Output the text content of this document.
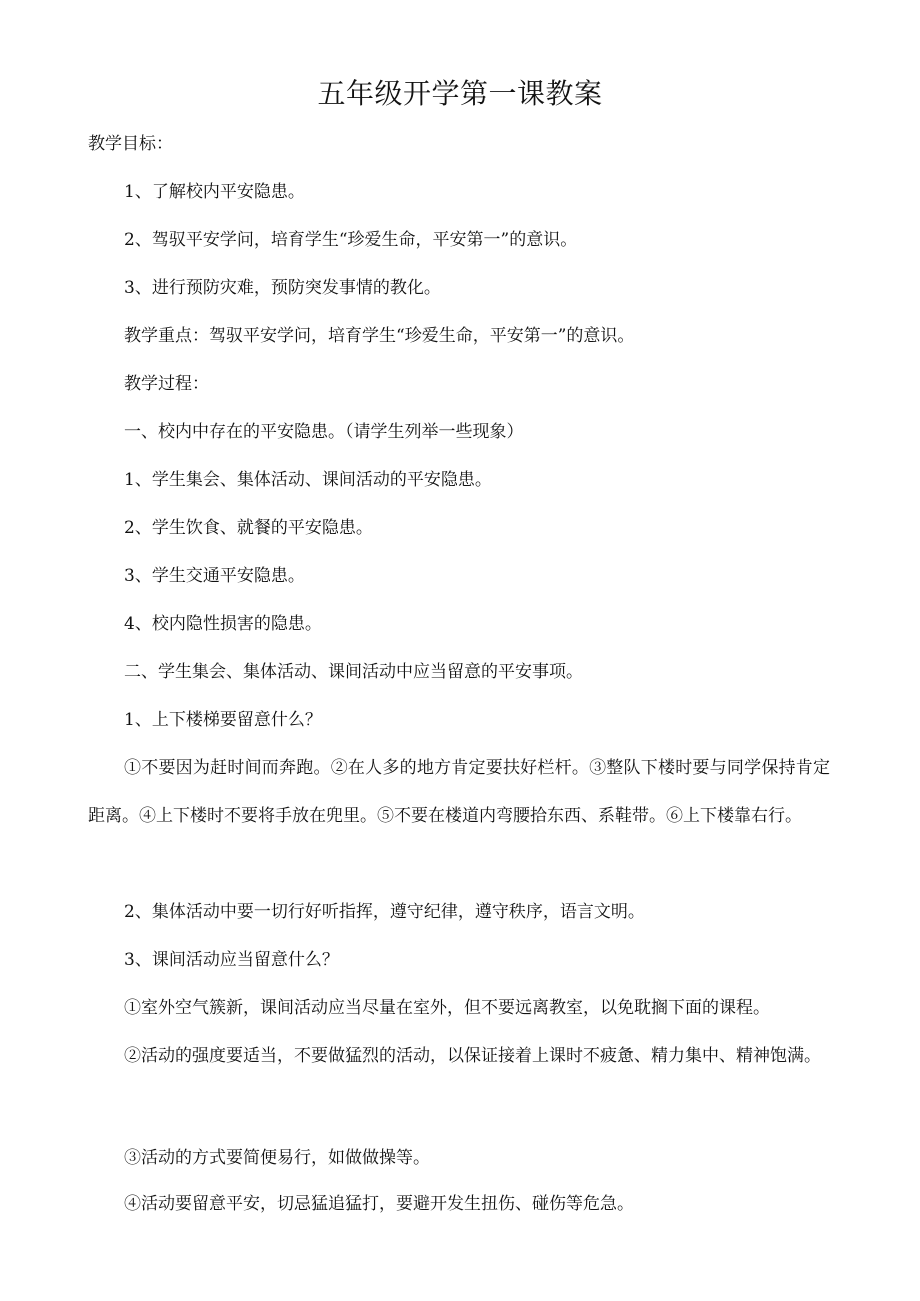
五年级开学第一课教案
教学目标：
1、了解校内平安隐患。
2、驾驭平安学问，培育学生“珍爱生命，平安第一”的意识。
3、进行预防灾难，预防突发事情的教化。
教学重点：驾驭平安学问，培育学生“珍爱生命，平安第一”的意识。
教学过程：
一、校内中存在的平安隐患。（请学生列举一些现象）
1、学生集会、集体活动、课间活动的平安隐患。
2、学生饮食、就餐的平安隐患。
3、学生交通平安隐患。
4、校内隐性损害的隐患。
二、学生集会、集体活动、课间活动中应当留意的平安事项。
1、上下楼梯要留意什么？

①不要因为赶时间而奔跑。②在人多的地方肯定要扶好栏杆。③整队下楼时要与同学保持肯定距离。④上下楼时不要将手放在兜里。⑤不要在楼道内弯腰拾东西、系鞋带。⑥上下楼靠右行。

2、集体活动中要一切行好听指挥，遵守纪律，遵守秩序，语言文明。
3、课间活动应当留意什么？

①室外空气簇新，课间活动应当尽量在室外，但不要远离教室，以免耽搁下面的课程。

②活动的强度要适当，不要做猛烈的活动，以保证接着上课时不疲惫、精力集中、精神饱满。

③活动的方式要简便易行，如做做操等。
④活动要留意平安，切忌猛追猛打，要避开发生扭伤、碰伤等危急。
